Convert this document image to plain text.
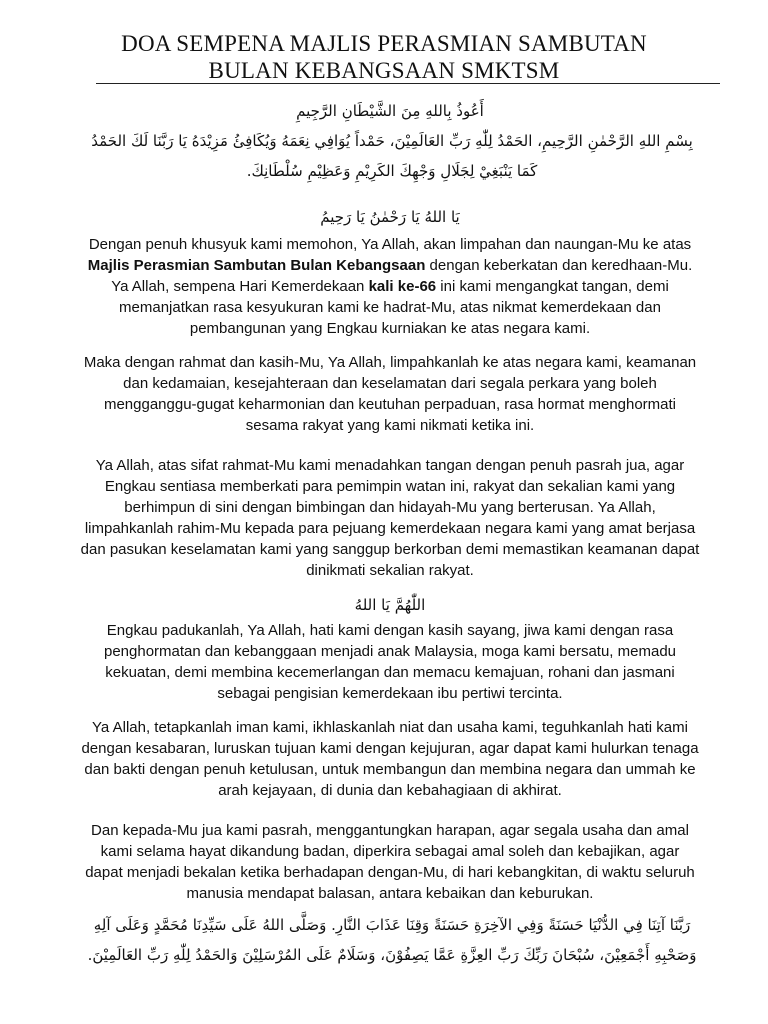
DOA SEMPENA MAJLIS PERASMIAN SAMBUTAN
BULAN KEBANGSAAN SMKTSM
أَعُوذُ بِاللهِ مِنَ الشَّيْطَانِ الرَّجِيمِ
بِسْمِ اللهِ الرَّحْمٰنِ الرَّحِيمِ، الحَمْدُ لِلّٰهِ رَبِّ العَالَمِيْنَ، حَمْداً يُوَافِي نِعَمَهُ وَيُكَافِئُ مَزِيْدَهُ يَا رَبَّنَا لَكَ الحَمْدُ كَمَا يَنْبَغِيْ لِجَلَالِ وَجْهِكَ الكَرِيْمِ وَعَظِيْمِ سُلْطَانِكَ.
يَا اللهُ يَا رَحْمٰنُ يَا رَحِيمُ
Dengan penuh khusyuk kami memohon, Ya Allah, akan limpahan dan naungan-Mu ke atas Majlis Perasmian Sambutan Bulan Kebangsaan dengan keberkatan dan keredhaan-Mu. Ya Allah, sempena Hari Kemerdekaan kali ke-66 ini kami mengangkat tangan, demi memanjatkan rasa kesyukuran kami ke hadrat-Mu, atas nikmat kemerdekaan dan pembangunan yang Engkau kurniakan ke atas negara kami.
Maka dengan rahmat dan kasih-Mu, Ya Allah, limpahkanlah ke atas negara kami, keamanan dan kedamaian, kesejahteraan dan keselamatan dari segala perkara yang boleh mengganggu-gugat keharmonian dan keutuhan perpaduan, rasa hormat menghormati sesama rakyat yang kami nikmati ketika ini.
Ya Allah, atas sifat rahmat-Mu kami menadahkan tangan dengan penuh pasrah jua, agar Engkau sentiasa memberkati para pemimpin watan ini, rakyat dan sekalian kami yang berhimpun di sini dengan bimbingan dan hidayah-Mu yang berterusan. Ya Allah, limpahkanlah rahim-Mu kepada para pejuang kemerdekaan negara kami yang amat berjasa dan pasukan keselamatan kami yang sanggup berkorban demi memastikan keamanan dapat dinikmati sekalian rakyat.
اللّٰهُمَّ يَا اللهُ
Engkau padukanlah, Ya Allah, hati kami dengan kasih sayang, jiwa kami dengan rasa penghormatan dan kebanggaan menjadi anak Malaysia, moga kami bersatu, memadu kekuatan, demi membina kecemerlangan dan memacu kemajuan, rohani dan jasmani sebagai pengisian kemerdekaan ibu pertiwi tercinta.
Ya Allah, tetapkanlah iman kami, ikhlaskanlah niat dan usaha kami, teguhkanlah hati kami dengan kesabaran, luruskan tujuan kami dengan kejujuran, agar dapat kami hulurkan tenaga dan bakti dengan penuh ketulusan, untuk membangun dan membina negara dan ummah ke arah kejayaan, di dunia dan kebahagiaan di akhirat.
Dan kepada-Mu jua kami pasrah, menggantungkan harapan, agar segala usaha dan amal kami selama hayat dikandung badan, diperkira sebagai amal soleh dan kebajikan, agar dapat menjadi bekalan ketika berhadapan dengan-Mu, di hari kebangkitan, di waktu seluruh manusia mendapat balasan, antara kebaikan dan keburukan.
رَبَّنَا آتِنَا فِي الدُّنْيَا حَسَنَةً وَفِي الآخِرَةِ حَسَنَةً وَقِنَا عَذَابَ النَّارِ. وَصَلَّى اللهُ عَلَى سَيِّدِنَا مُحَمَّدٍ وَعَلَى آلِهِ وَصَحْبِهِ أَجْمَعِيْنَ، سُبْحَانَ رَبِّكَ رَبِّ العِزَّةِ عَمَّا يَصِفُوْنَ، وَسَلَامٌ عَلَى المُرْسَلِيْنَ وَالحَمْدُ لِلّٰهِ رَبِّ العَالَمِيْنَ.
